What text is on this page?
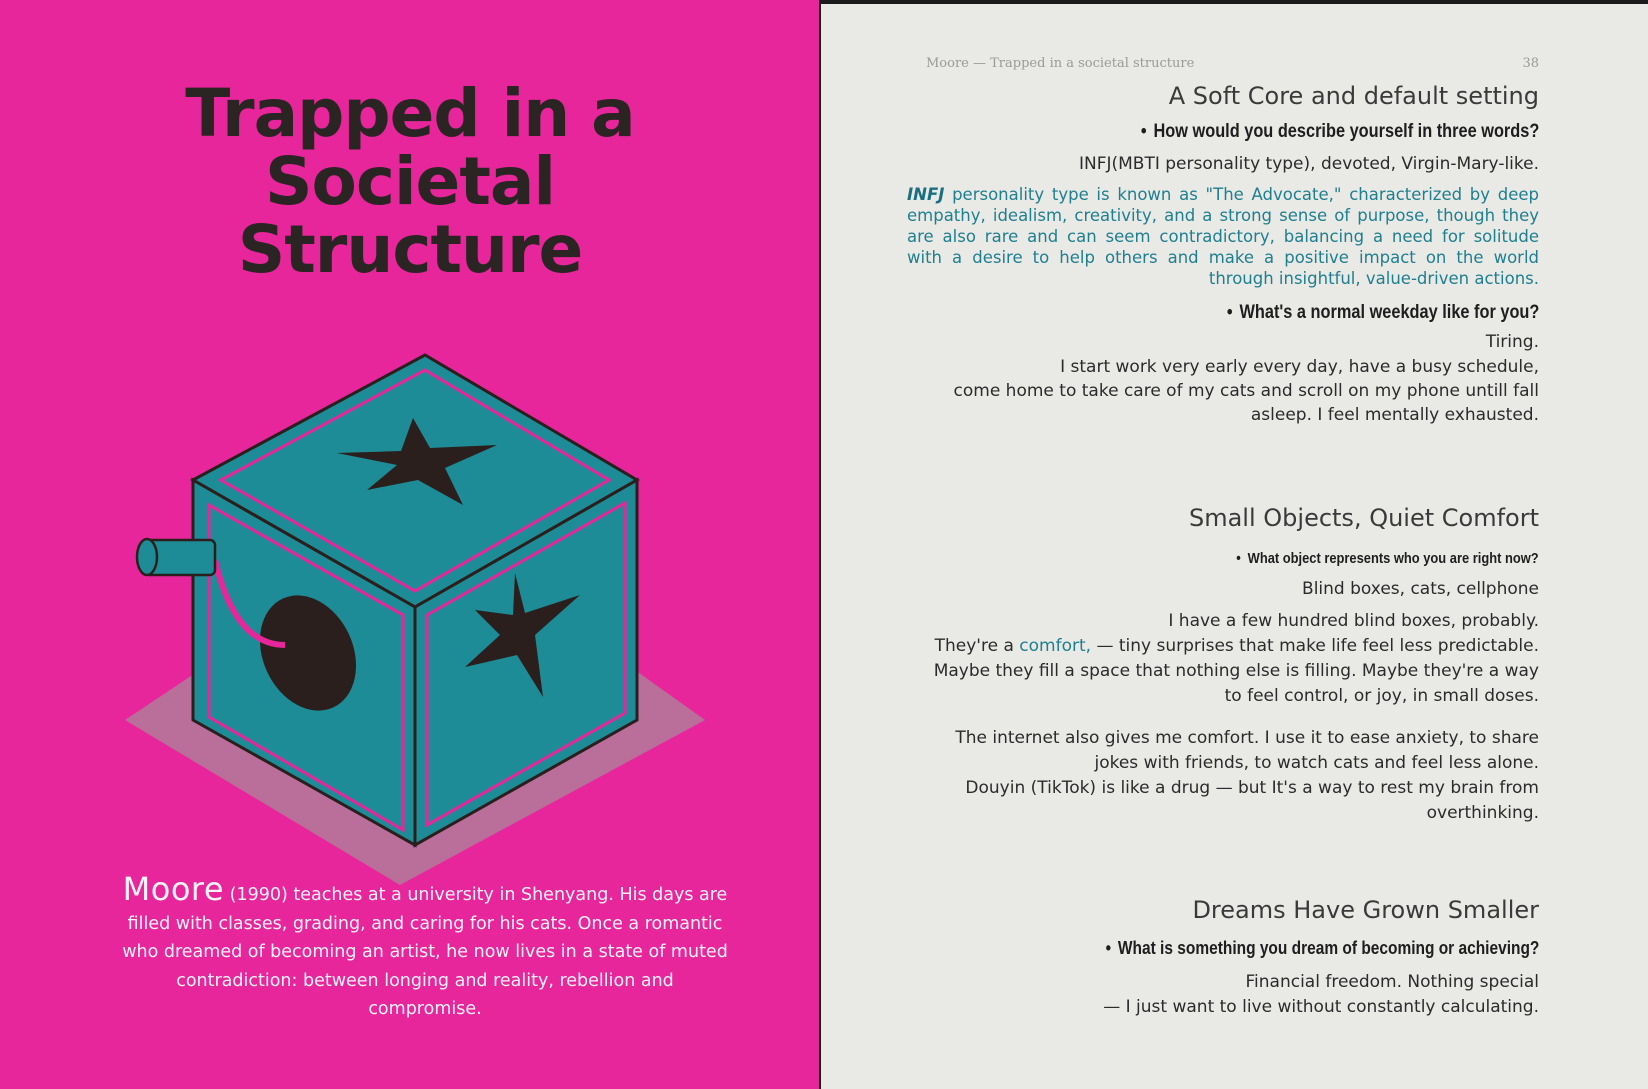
Trapped in a Societal Structure

Moore (1990) teaches at a university in Shenyang. His days are filled with classes, grading, and caring for his cats. Once a romantic who dreamed of becoming an artist, he now lives in a state of muted contradiction: between longing and reality, rebellion and compromise.

Moore — Trapped in a societal structure	38
A Soft Core and default setting
• How would you describe yourself in three words?
INFJ(MBTI personality type), devoted, Virgin-Mary-like.

INFJ personality type is known as "The Advocate," characterized by deep empathy, idealism, creativity, and a strong sense of purpose, though they are also rare and can seem contradictory, balancing a need for solitude with a desire to help others and make a positive impact on the world through insightful, value-driven actions.

• What's a normal weekday like for you?
Tiring.
I start work very early every day, have a busy schedule,
come home to take care of my cats and scroll on my phone untill fall
asleep. I feel mentally exhausted.
Small Objects, Quiet Comfort
• What object represents who you are right now?
Blind boxes, cats, cellphone
I have a few hundred blind boxes, probably.
They're a comfort, — tiny surprises that make life feel less predictable.
Maybe they fill a space that nothing else is filling. Maybe they're a way
to feel control, or joy, in small doses.
The internet also gives me comfort. I use it to ease anxiety, to share
jokes with friends, to watch cats and feel less alone.
Douyin (TikTok) is like a drug — but It's a way to rest my brain from
overthinking.
Dreams Have Grown Smaller
• What is something you dream of becoming or achieving?
Financial freedom. Nothing special
— I just want to live without constantly calculating.
